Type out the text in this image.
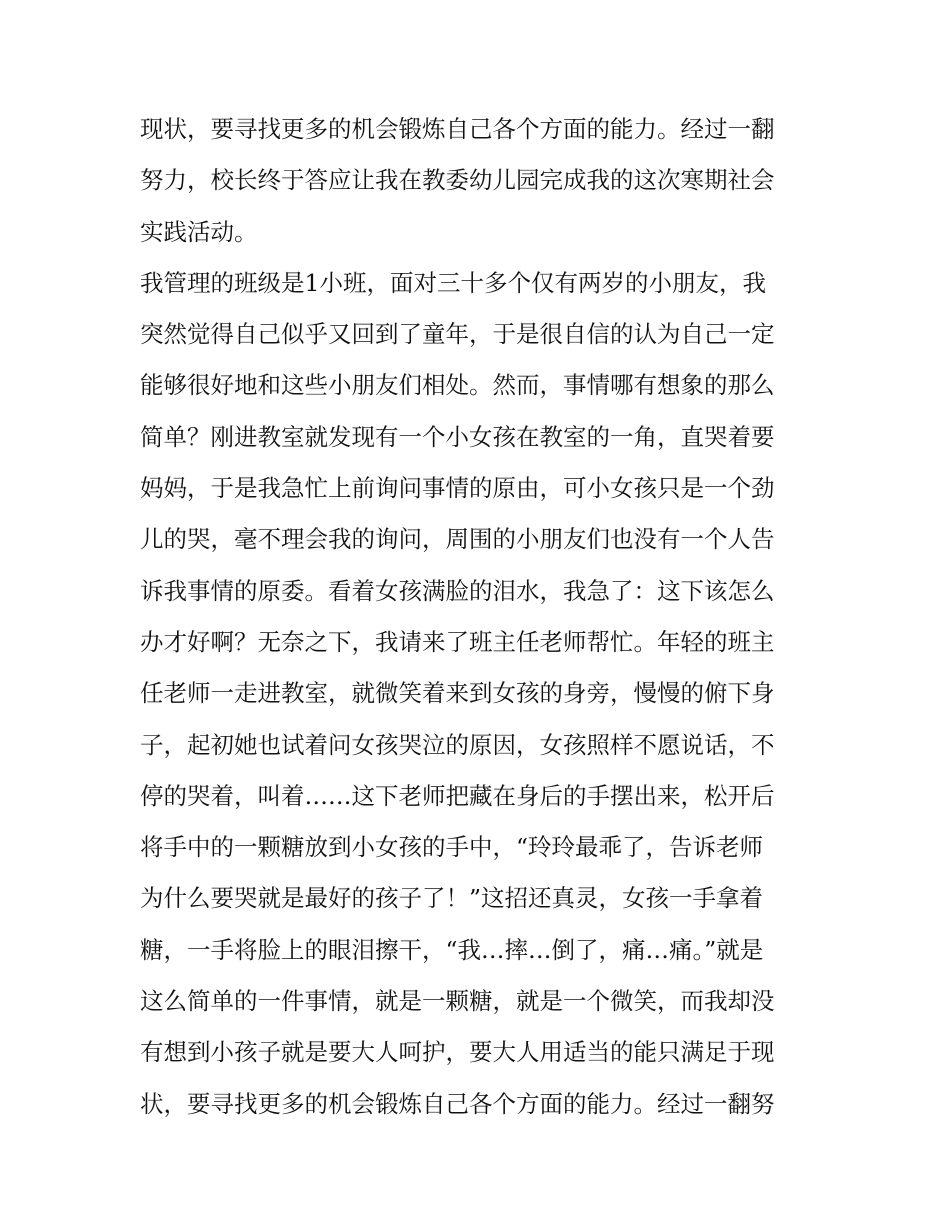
现状，要寻找更多的机会锻炼自己各个方面的能力。经过一翻
努力，校长终于答应让我在教委幼儿园完成我的这次寒期社会
实践活动。
我管理的班级是1小班，面对三十多个仅有两岁的小朋友，我
突然觉得自己似乎又回到了童年，于是很自信的认为自己一定
能够很好地和这些小朋友们相处。然而，事情哪有想象的那么
简单？刚进教室就发现有一个小女孩在教室的一角，直哭着要
妈妈，于是我急忙上前询问事情的原由，可小女孩只是一个劲
儿的哭，毫不理会我的询问，周围的小朋友们也没有一个人告
诉我事情的原委。看着女孩满脸的泪水，我急了：这下该怎么
办才好啊？无奈之下，我请来了班主任老师帮忙。年轻的班主
任老师一走进教室，就微笑着来到女孩的身旁，慢慢的俯下身
子，起初她也试着问女孩哭泣的原因，女孩照样不愿说话，不
停的哭着，叫着……这下老师把藏在身后的手摆出来，松开后
将手中的一颗糖放到小女孩的手中，“玲玲最乖了，告诉老师
为什么要哭就是最好的孩子了！”这招还真灵，女孩一手拿着
糖，一手将脸上的眼泪擦干，“我…摔…倒了，痛…痛。”就是
这么简单的一件事情，就是一颗糖，就是一个微笑，而我却没
有想到小孩子就是要大人呵护，要大人用适当的能只满足于现
状，要寻找更多的机会锻炼自己各个方面的能力。经过一翻努
